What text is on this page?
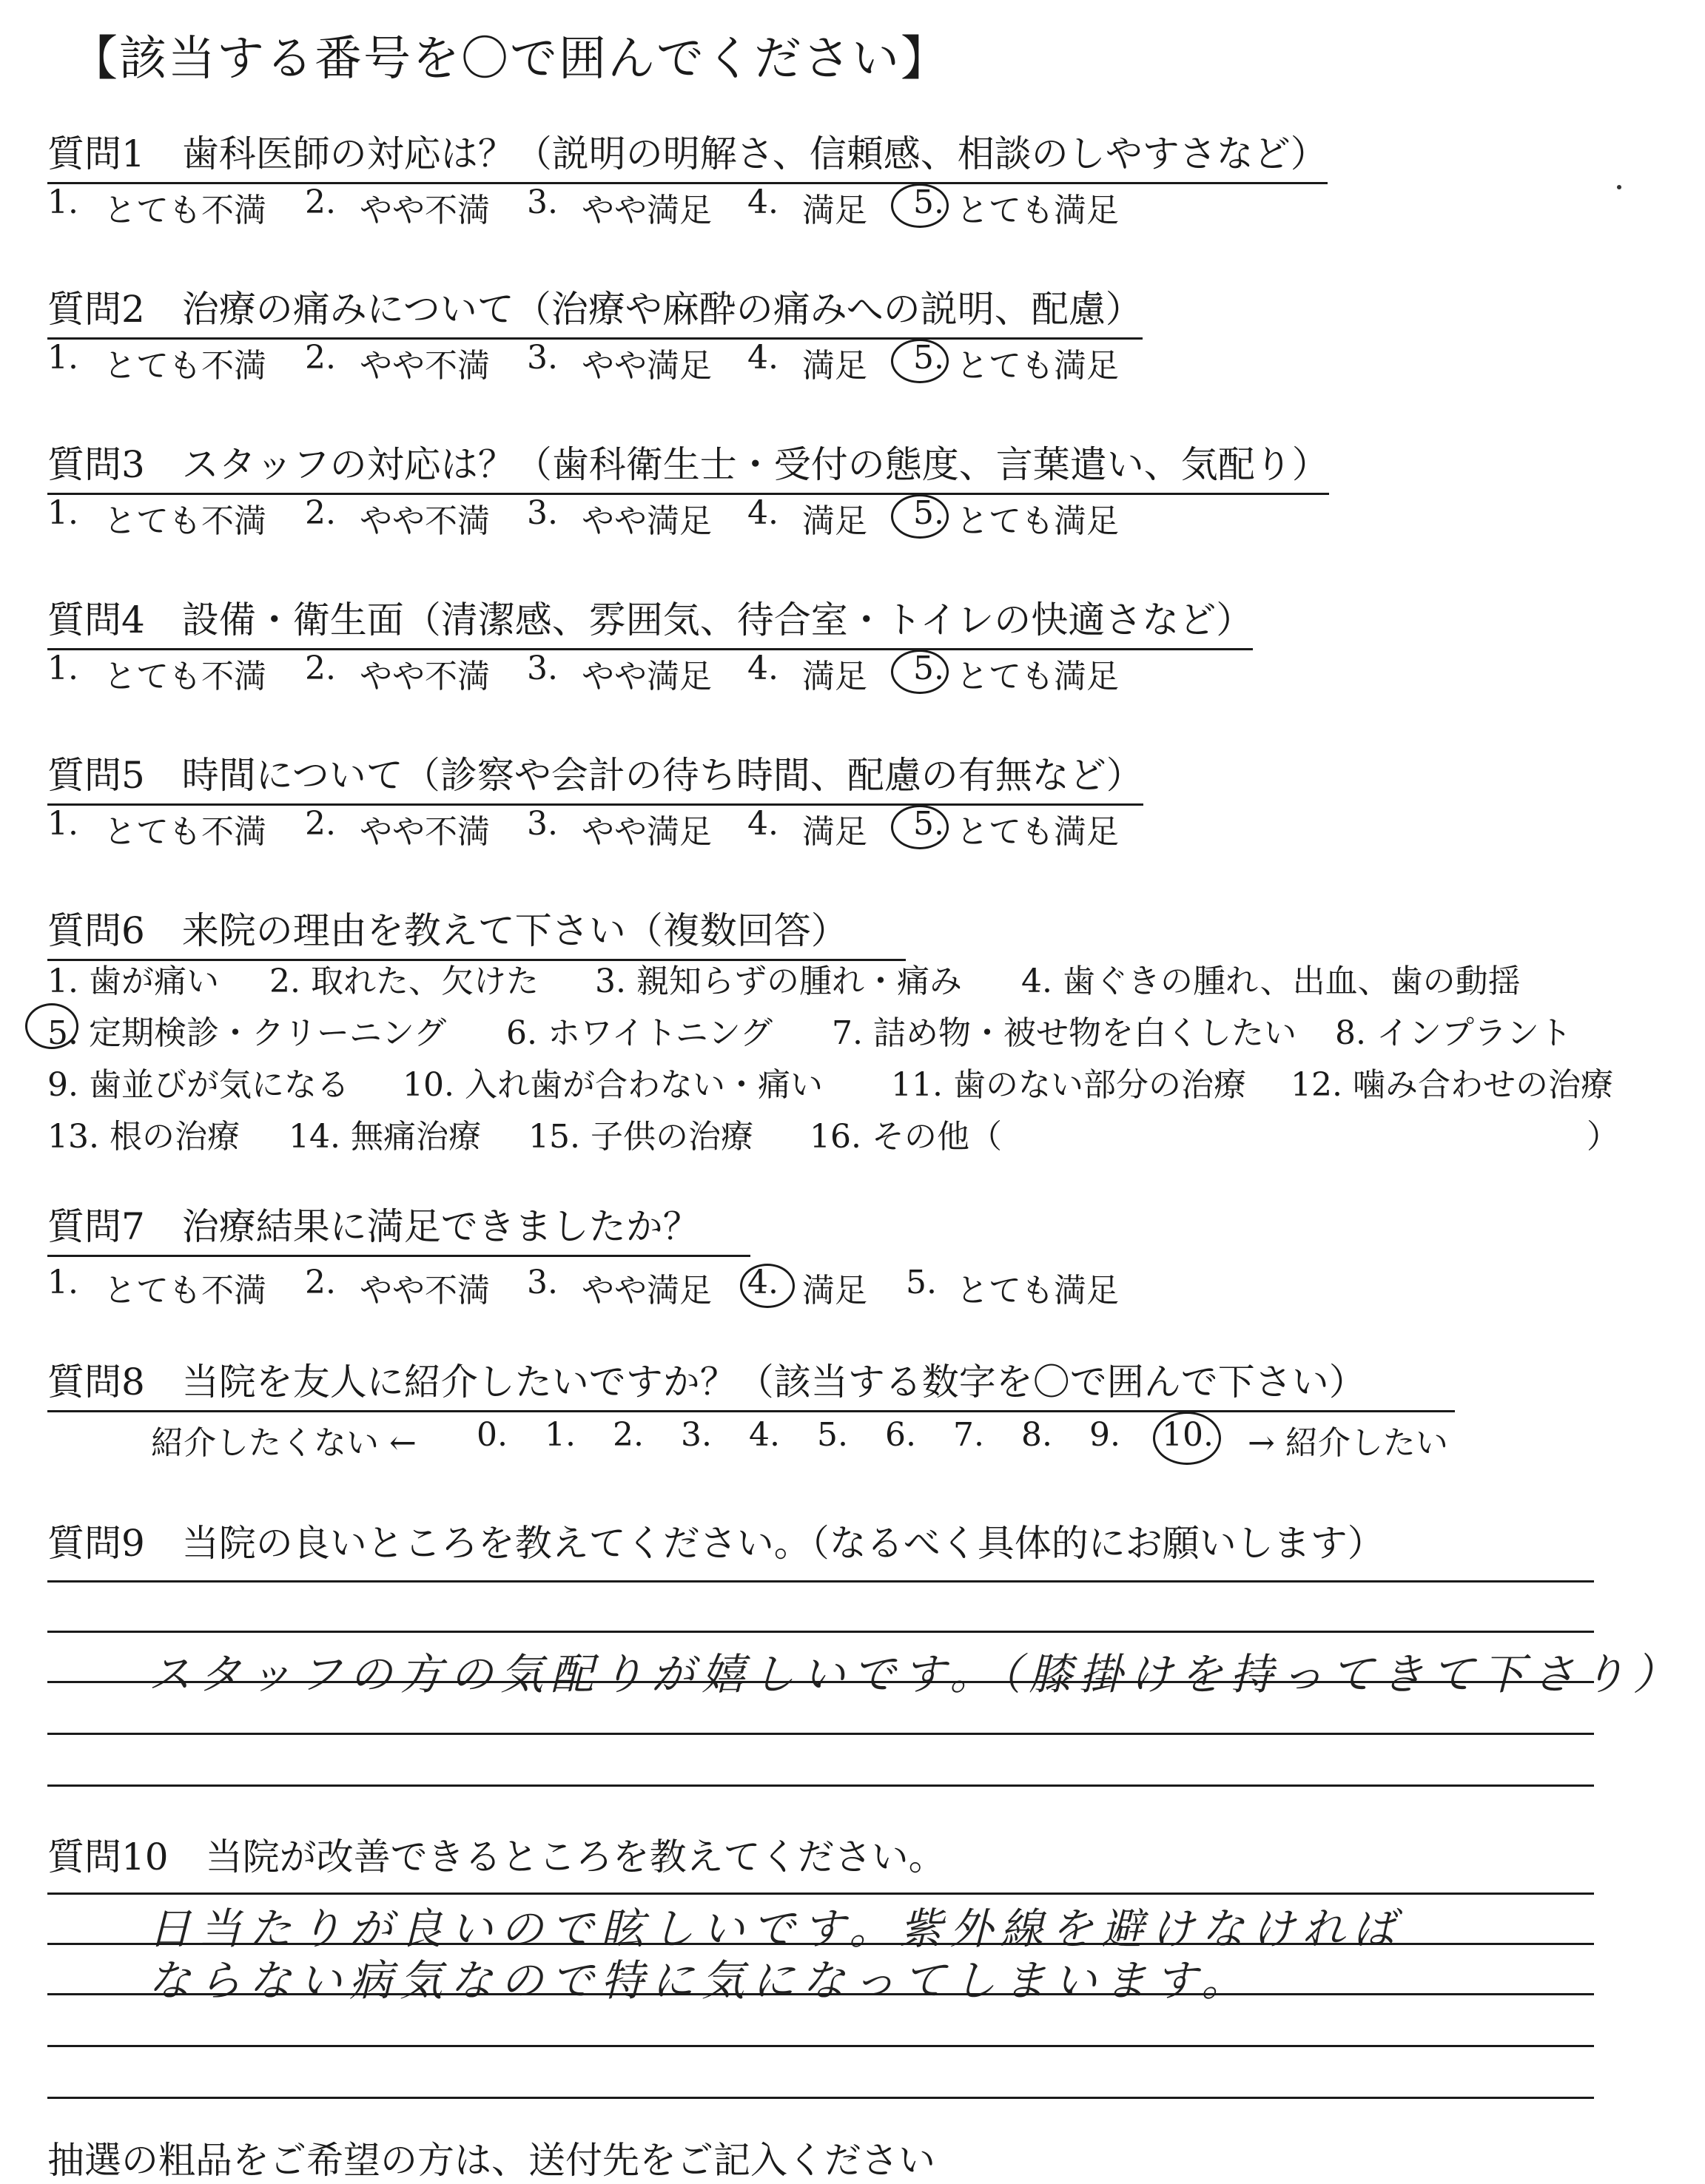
【該当する番号を〇で囲んでください】
質問1　歯科医師の対応は？（説明の明解さ、信頼感、相談のしやすさなど）
1. とても不満 2. やや不満 3. やや満足 4. 満足 5. とても満足
質問2　治療の痛みについて（治療や麻酔の痛みへの説明、配慮）
1. とても不満 2. やや不満 3. やや満足 4. 満足 5. とても満足
質問3　スタッフの対応は？（歯科衛生士・受付の態度、言葉遣い、気配り）
1. とても不満 2. やや不満 3. やや満足 4. 満足 5. とても満足
質問4　設備・衛生面（清潔感、雰囲気、待合室・トイレの快適さなど）
1. とても不満 2. やや不満 3. やや満足 4. 満足 5. とても満足
質問5　時間について（診察や会計の待ち時間、配慮の有無など）
1. とても不満 2. やや不満 3. やや満足 4. 満足 5. とても満足
質問6　来院の理由を教えて下さい（複数回答）
1. 歯が痛い 2. 取れた、欠けた 3. 親知らずの腫れ・痛み 4. 歯ぐきの腫れ、出血、歯の動揺
5. 定期検診・クリーニング 6. ホワイトニング 7. 詰め物・被せ物を白くしたい 8. インプラント
9. 歯並びが気になる 10. 入れ歯が合わない・痛い 11. 歯のない部分の治療 12. 噛み合わせの治療
13. 根の治療 14. 無痛治療 15. 子供の治療 16. その他（	）
質問7　治療結果に満足できましたか？
1. とても不満 2. やや不満 3. やや満足 4. 満足 5. とても満足
質問8　当院を友人に紹介したいですか？（該当する数字を〇で囲んで下さい）
紹介したくない ← 0. 1. 2. 3. 4. 5. 6. 7. 8. 9. 10. → 紹介したい
質問9　当院の良いところを教えてください。（なるべく具体的にお願いします）
スタッフの方の気配りが嬉しいです。（膝掛けを持ってきて下さり）
質問10　当院が改善できるところを教えてください。
日当たりが良いので眩しいです。紫外線を避けなければ
ならない病気なので特に気になってしまいます。
抽選の粗品をご希望の方は、送付先をご記入ください
